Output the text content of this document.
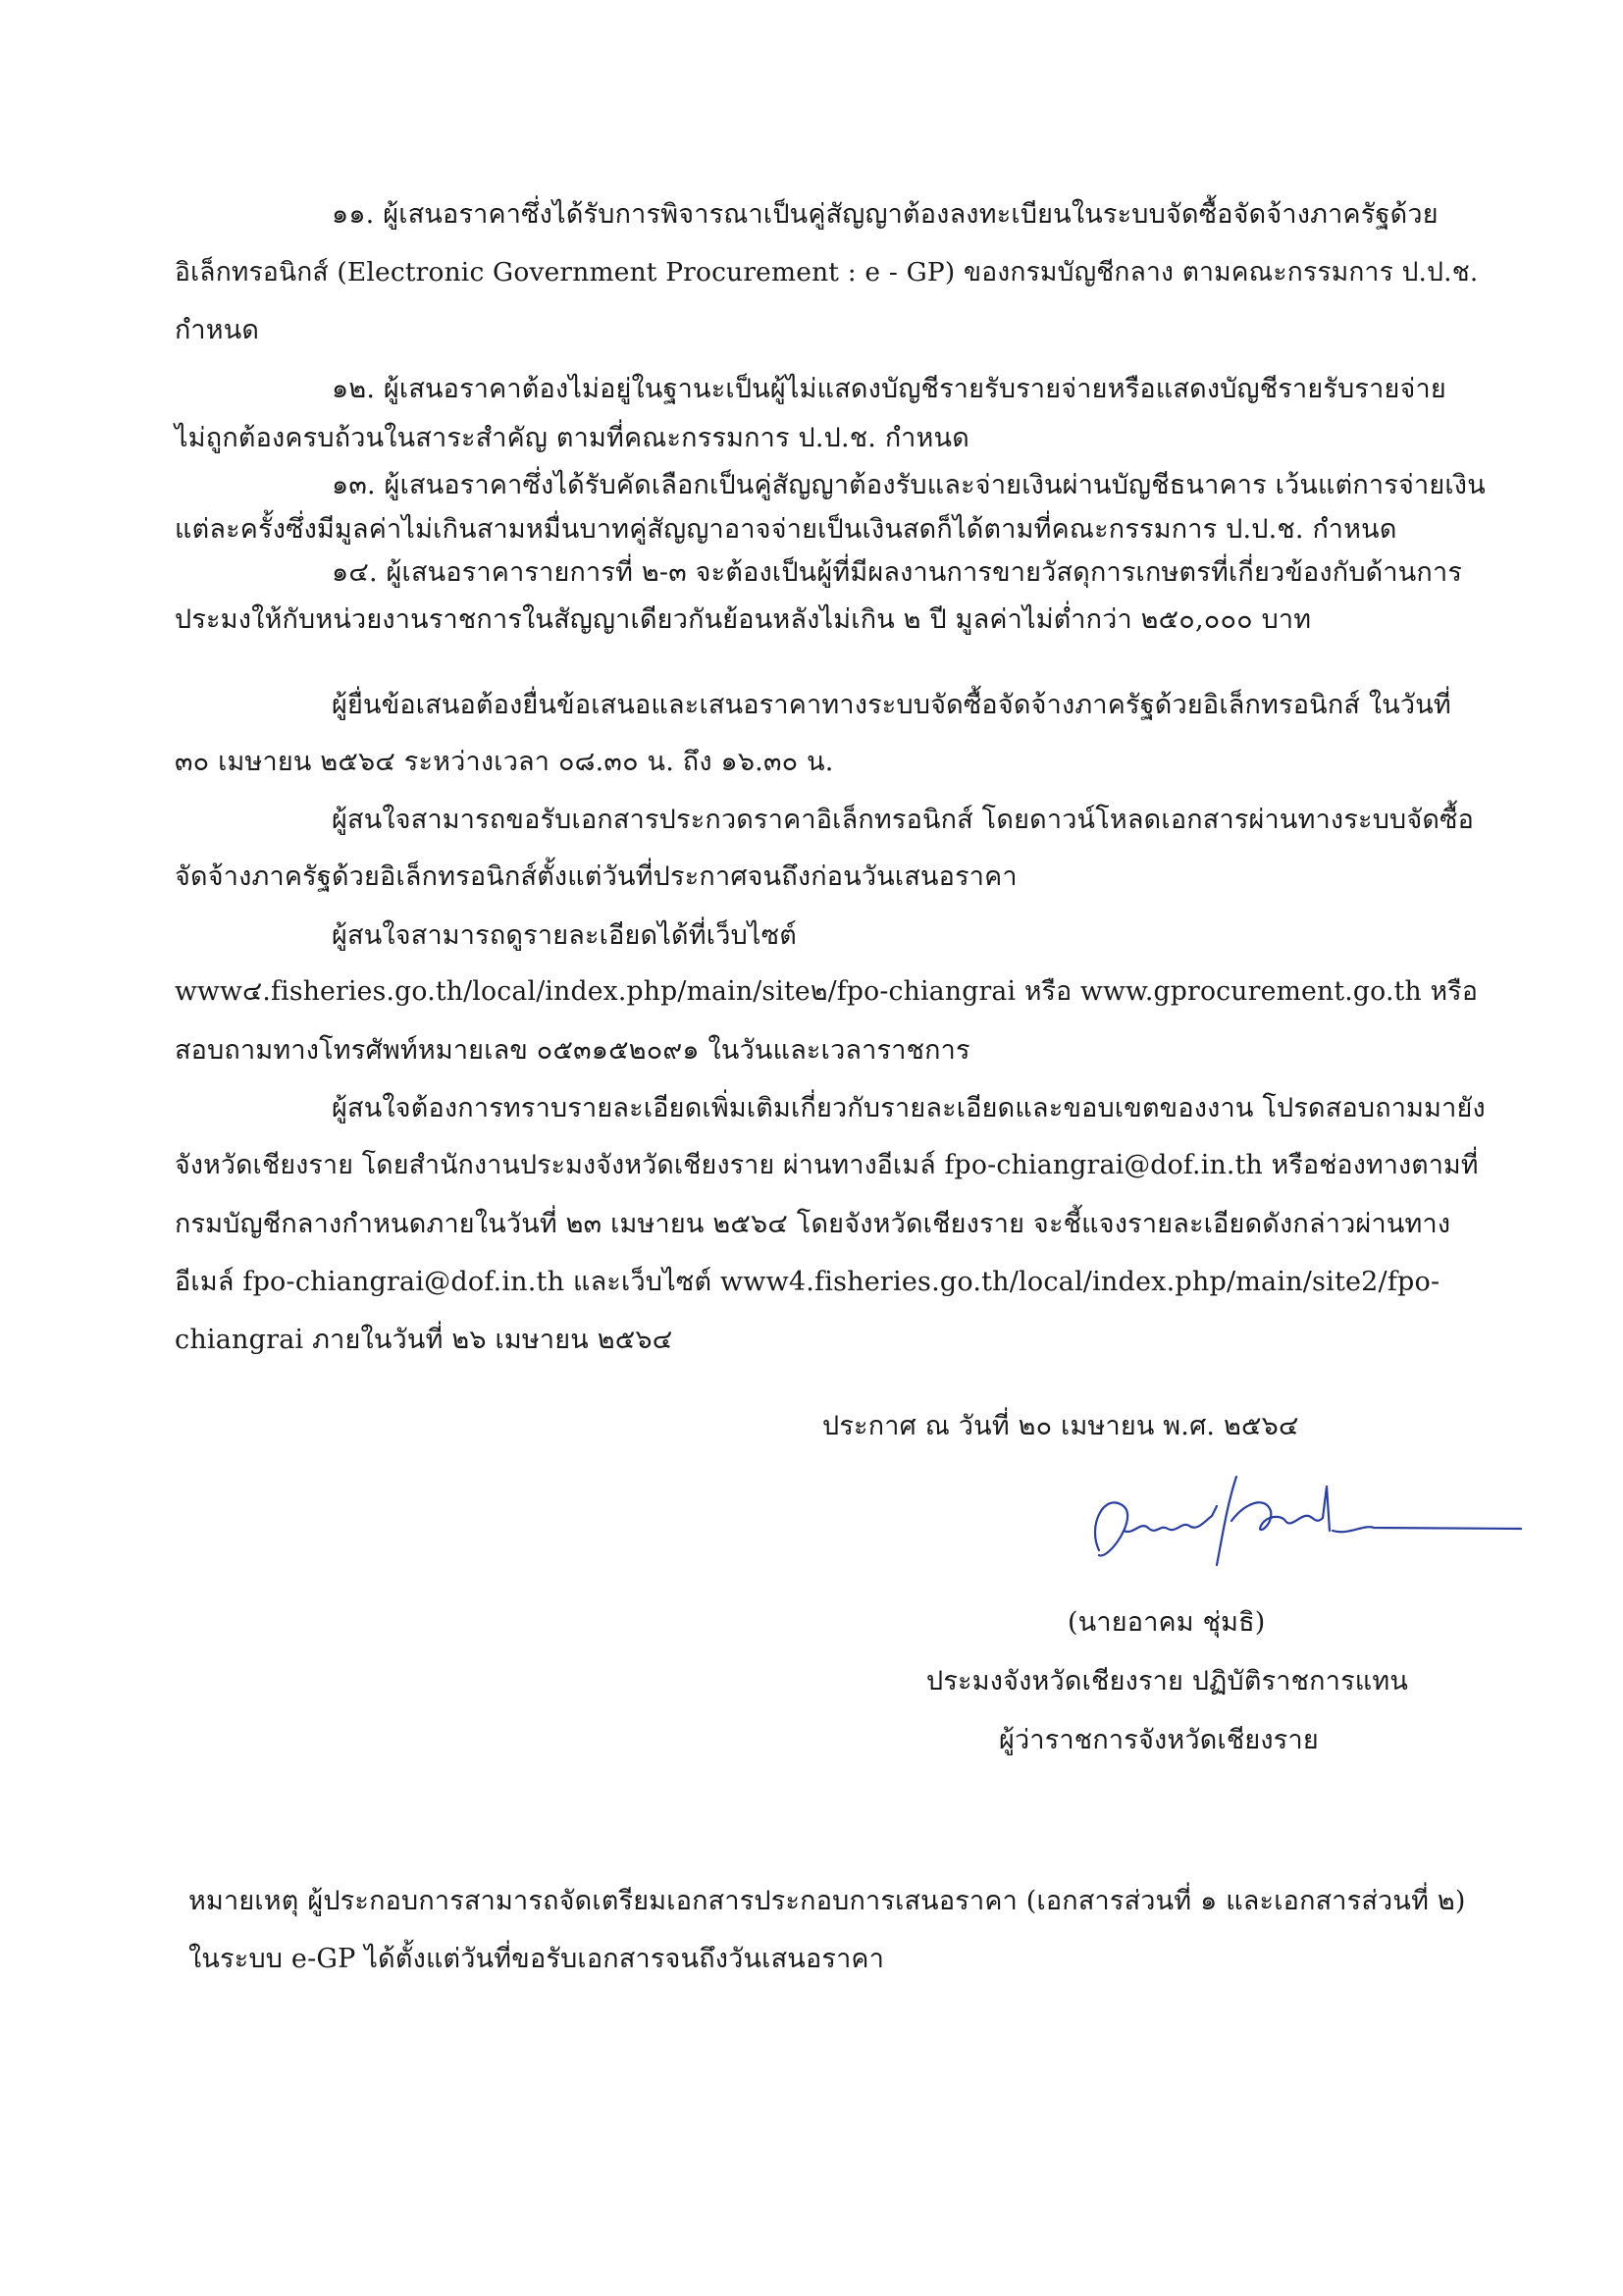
๑๑. ผู้เสนอราคาซึ่งได้รับการพิจารณาเป็นคู่สัญญาต้องลงทะเบียนในระบบจัดซื้อจัดจ้างภาครัฐด้วย
อิเล็กทรอนิกส์ (Electronic Government Procurement : e - GP) ของกรมบัญชีกลาง ตามคณะกรรมการ ป.ป.ช.
กำหนด
๑๒. ผู้เสนอราคาต้องไม่อยู่ในฐานะเป็นผู้ไม่แสดงบัญชีรายรับรายจ่ายหรือแสดงบัญชีรายรับรายจ่าย
ไม่ถูกต้องครบถ้วนในสาระสำคัญ ตามที่คณะกรรมการ ป.ป.ช. กำหนด
๑๓. ผู้เสนอราคาซึ่งได้รับคัดเลือกเป็นคู่สัญญาต้องรับและจ่ายเงินผ่านบัญชีธนาคาร เว้นแต่การจ่ายเงิน
แต่ละครั้งซึ่งมีมูลค่าไม่เกินสามหมื่นบาทคู่สัญญาอาจจ่ายเป็นเงินสดก็ได้ตามที่คณะกรรมการ ป.ป.ช. กำหนด
๑๔. ผู้เสนอราคารายการที่ ๒-๓ จะต้องเป็นผู้ที่มีผลงานการขายวัสดุการเกษตรที่เกี่ยวข้องกับด้านการ
ประมงให้กับหน่วยงานราชการในสัญญาเดียวกันย้อนหลังไม่เกิน ๒ ปี มูลค่าไม่ต่ำกว่า ๒๕๐,๐๐๐ บาท
ผู้ยื่นข้อเสนอต้องยื่นข้อเสนอและเสนอราคาทางระบบจัดซื้อจัดจ้างภาครัฐด้วยอิเล็กทรอนิกส์ ในวันที่
๓๐ เมษายน ๒๕๖๔ ระหว่างเวลา ๐๘.๓๐ น. ถึง ๑๖.๓๐ น.
ผู้สนใจสามารถขอรับเอกสารประกวดราคาอิเล็กทรอนิกส์ โดยดาวน์โหลดเอกสารผ่านทางระบบจัดซื้อ
จัดจ้างภาครัฐด้วยอิเล็กทรอนิกส์ตั้งแต่วันที่ประกาศจนถึงก่อนวันเสนอราคา
ผู้สนใจสามารถดูรายละเอียดได้ที่เว็บไซต์
www๔.fisheries.go.th/local/index.php/main/site๒/fpo-chiangrai หรือ www.gprocurement.go.th หรือ
สอบถามทางโทรศัพท์หมายเลข ๐๕๓๑๕๒๐๙๑ ในวันและเวลาราชการ
ผู้สนใจต้องการทราบรายละเอียดเพิ่มเติมเกี่ยวกับรายละเอียดและขอบเขตของงาน โปรดสอบถามมายัง
จังหวัดเชียงราย โดยสำนักงานประมงจังหวัดเชียงราย ผ่านทางอีเมล์ fpo-chiangrai@dof.in.th หรือช่องทางตามที่
กรมบัญชีกลางกำหนดภายในวันที่ ๒๓ เมษายน ๒๕๖๔ โดยจังหวัดเชียงราย จะชี้แจงรายละเอียดดังกล่าวผ่านทาง
อีเมล์ fpo-chiangrai@dof.in.th และเว็บไซต์ www4.fisheries.go.th/local/index.php/main/site2/fpo-
chiangrai ภายในวันที่ ๒๖ เมษายน ๒๕๖๔
ประกาศ ณ วันที่ ๒๐ เมษายน พ.ศ. ๒๕๖๔
(นายอาคม ชุ่มธิ)
ประมงจังหวัดเชียงราย ปฏิบัติราชการแทน
ผู้ว่าราชการจังหวัดเชียงราย
หมายเหตุ ผู้ประกอบการสามารถจัดเตรียมเอกสารประกอบการเสนอราคา (เอกสารส่วนที่ ๑ และเอกสารส่วนที่ ๒)
ในระบบ e-GP ได้ตั้งแต่วันที่ขอรับเอกสารจนถึงวันเสนอราคา
